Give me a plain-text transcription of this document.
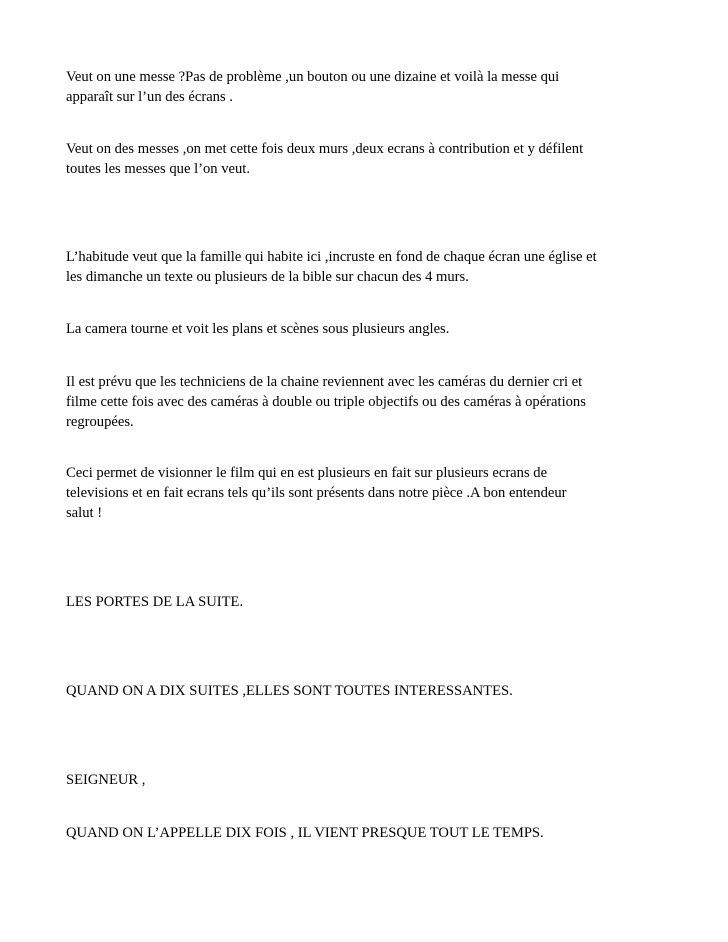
Veut on une messe ?Pas de problème ,un bouton ou une dizaine et voilà la messe qui
apparaît sur l’un des écrans .

Veut on des messes ,on met cette fois deux murs ,deux ecrans à contribution et y défilent
toutes les messes que l’on veut.

L’habitude veut que la famille qui habite ici ,incruste en fond de chaque écran une église et
les dimanche un texte ou plusieurs de la bible sur chacun des 4 murs.

La camera tourne et voit les plans et scènes sous plusieurs angles.

Il est prévu que les techniciens de la chaine reviennent avec les caméras du dernier cri et
filme cette fois avec des caméras à double ou triple objectifs ou des caméras à opérations
regroupées.

Ceci permet de visionner le film qui en est plusieurs en fait sur plusieurs ecrans de
televisions et en fait ecrans tels qu’ils sont présents dans notre pièce .A bon entendeur
salut !

LES PORTES DE LA SUITE.

QUAND ON A DIX SUITES ,ELLES SONT TOUTES INTERESSANTES.

SEIGNEUR ,

QUAND ON L’APPELLE DIX FOIS , IL VIENT PRESQUE TOUT LE TEMPS.
